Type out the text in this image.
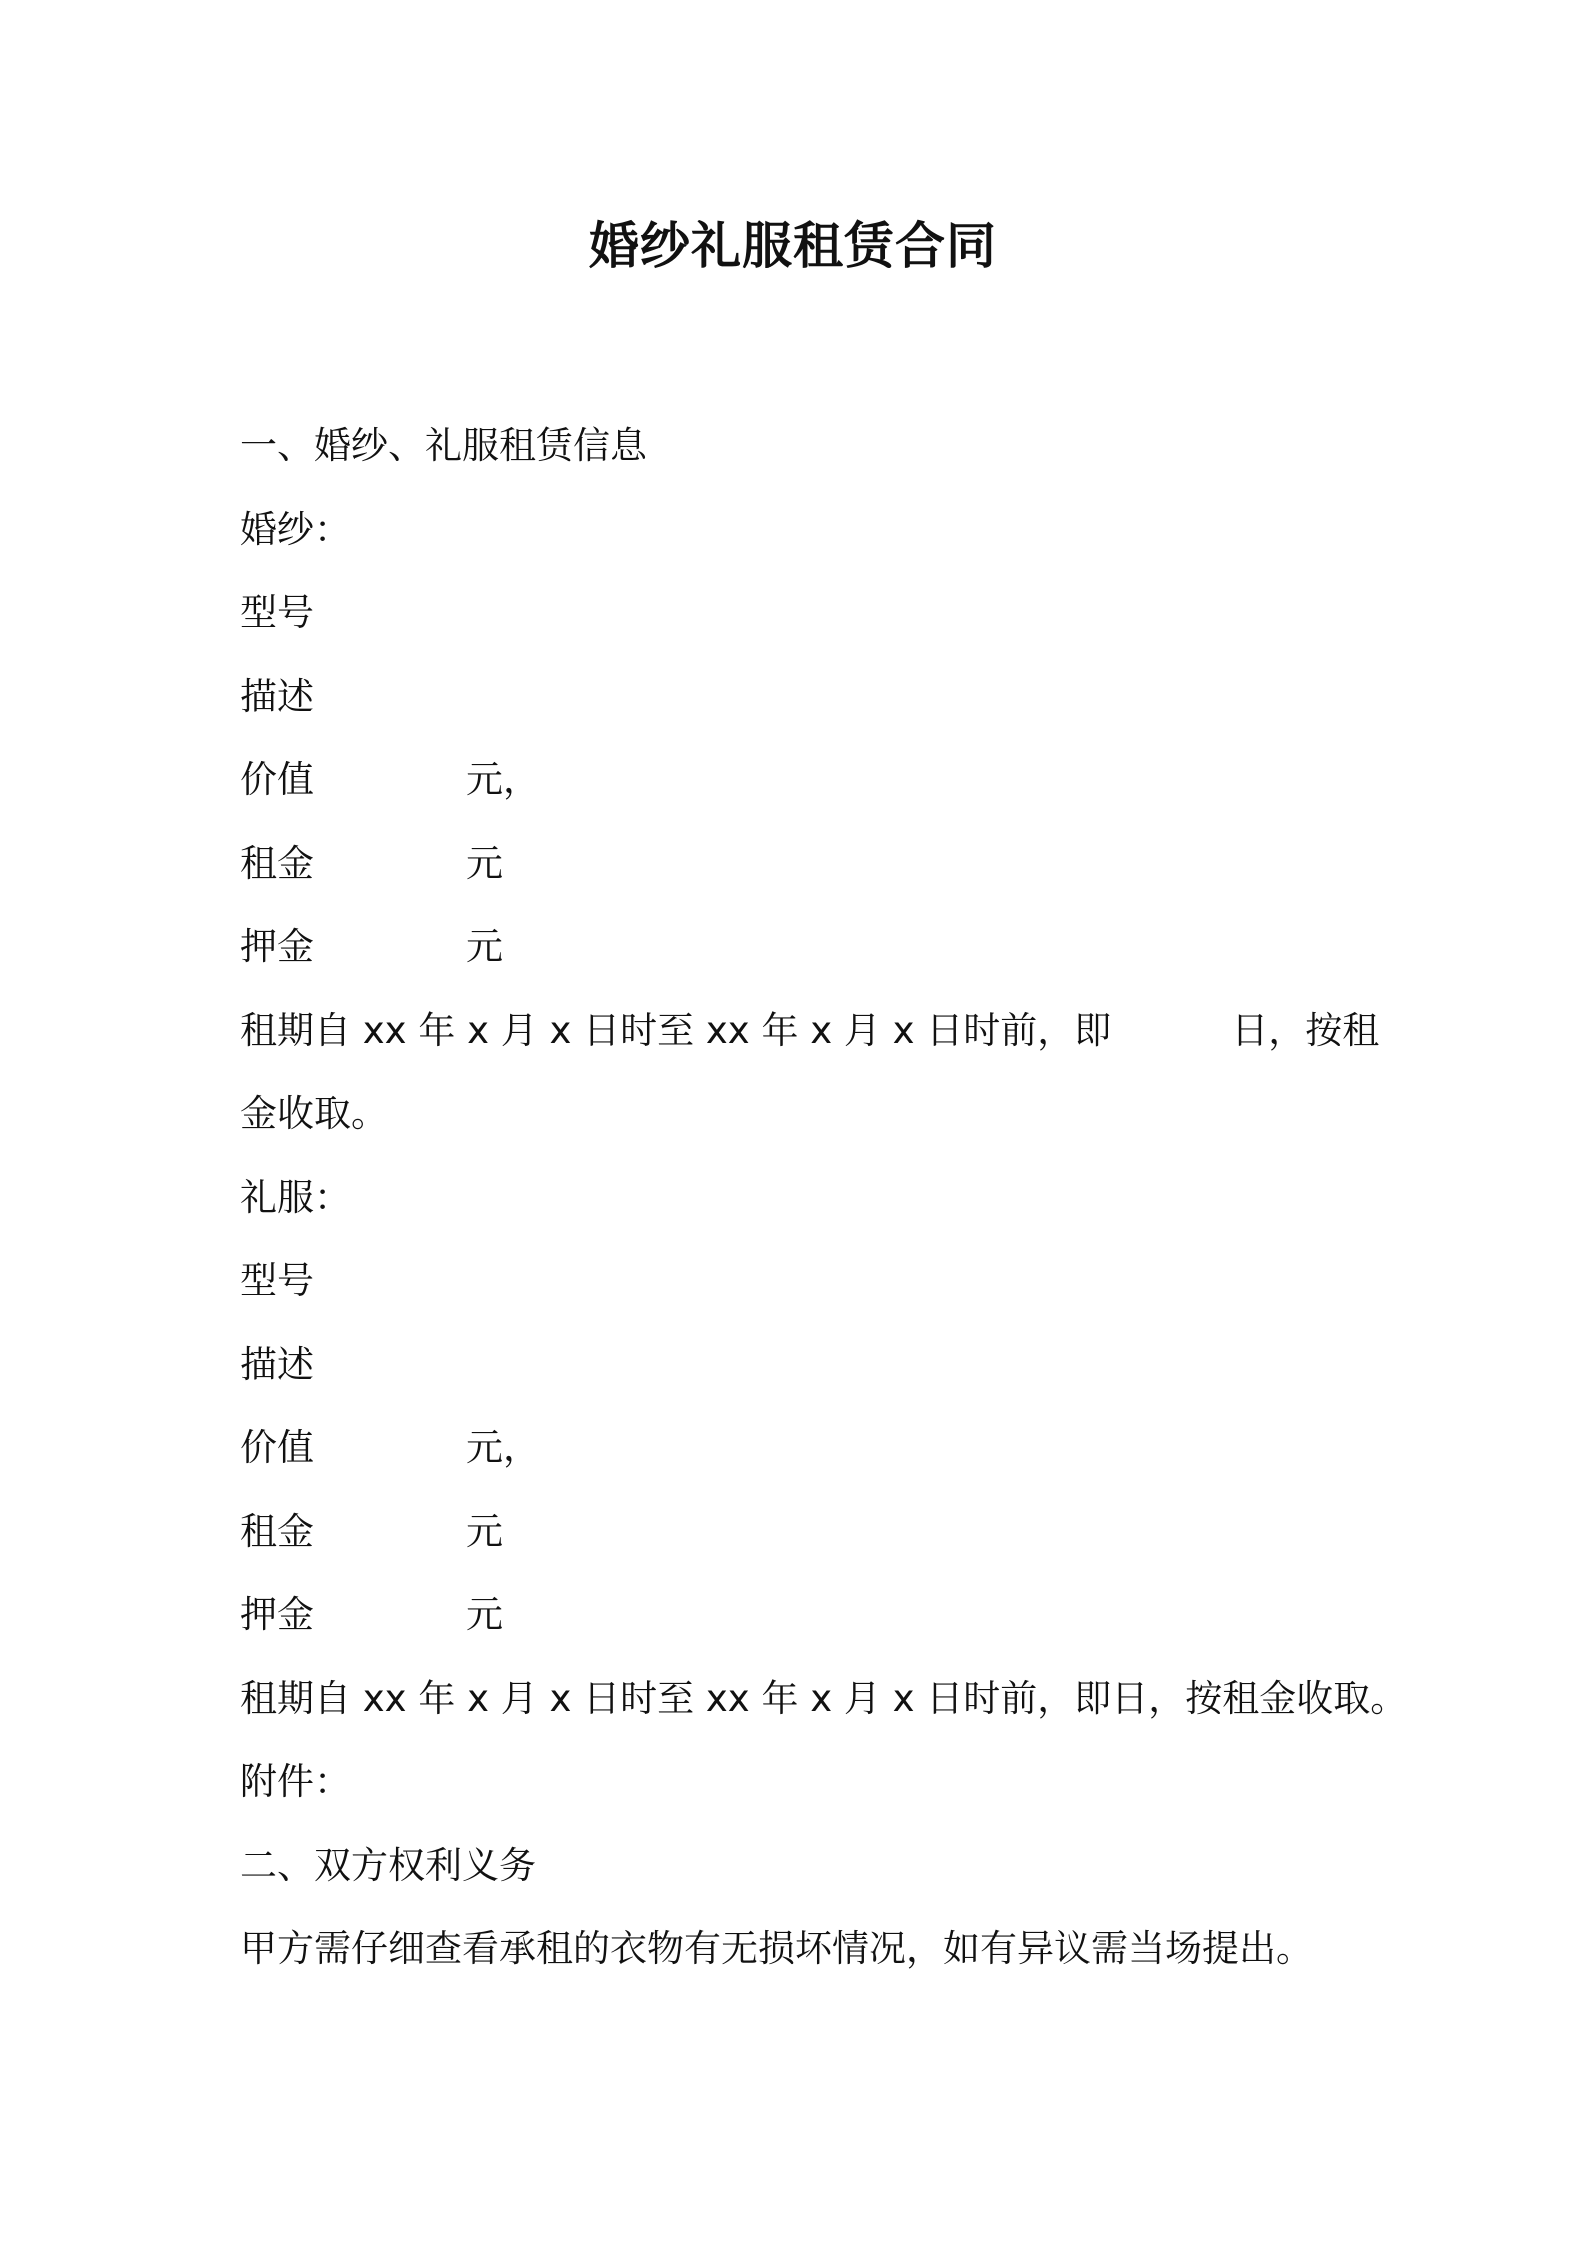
婚纱礼服租赁合同
一、婚纱、礼服租赁信息
婚纱：
型号
描述
价值	元，
租金	元
押金	元
租期自 xx 年 x 月 x 日时至 xx 年 x 月 x 日时前，即	日，按租
金收取。
礼服：
型号
描述
价值	元，
租金	元
押金	元
租期自 xx 年 x 月 x 日时至 xx 年 x 月 x 日时前，即日，按租金收取。
附件：
二、双方权利义务
甲方需仔细查看承租的衣物有无损坏情况，如有异议需当场提出。
